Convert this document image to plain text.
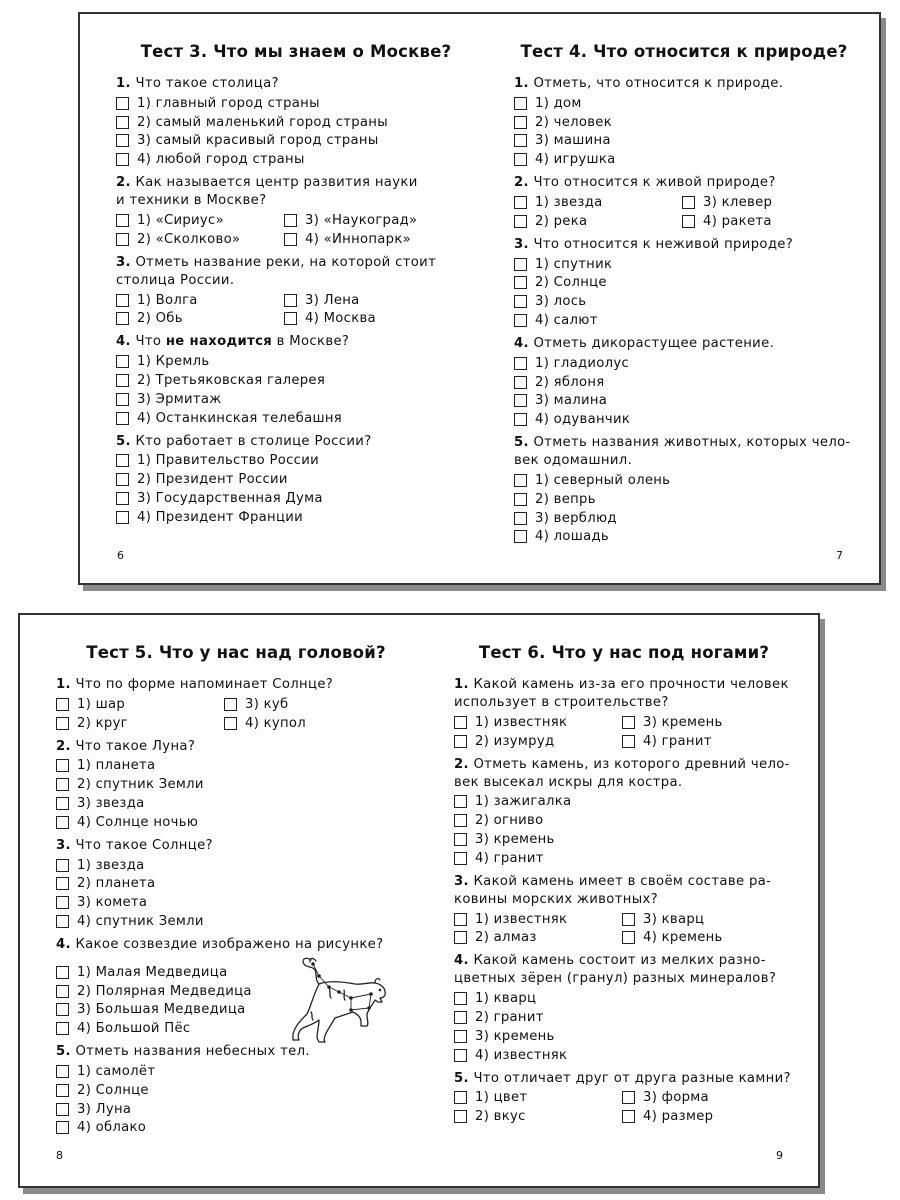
Тест 3. Что мы знаем о Москве?
1. Что такое столица?
1) главный город страны
2) самый маленький город страны
3) самый красивый город страны
4) любой город страны
2. Как называется центр развития науки
и техники в Москве?
1) «Сириус»	3) «Наукоград»
2) «Сколково»	4) «Иннопарк»
3. Отметь название реки, на которой стоит
столица России.
1) Волга	3) Лена
2) Обь	4) Москва
4. Что не находится в Москве?
1) Кремль
2) Третьяковская галерея
3) Эрмитаж
4) Останкинская телебашня
5. Кто работает в столице России?
1) Правительство России
2) Президент России
3) Государственная Дума
4) Президент Франции
6
Тест 4. Что относится к природе?
1. Отметь, что относится к природе.
1) дом
2) человек
3) машина
4) игрушка
2. Что относится к живой природе?
1) звезда	3) клевер
2) река	4) ракета
3. Что относится к неживой природе?
1) спутник
2) Солнце
3) лось
4) салют
4. Отметь дикорастущее растение.
1) гладиолус
2) яблоня
3) малина
4) одуванчик
5. Отметь названия животных, которых чело-
век одомашнил.
1) северный олень
2) вепрь
3) верблюд
4) лошадь
7
Тест 5. Что у нас над головой?
1. Что по форме напоминает Солнце?
1) шар	3) куб
2) круг	4) купол
2. Что такое Луна?
1) планета
2) спутник Земли
3) звезда
4) Солнце ночью
3. Что такое Солнце?
1) звезда
2) планета
3) комета
4) спутник Земли
4. Какое созвездие изображено на рисунке?
1) Малая Медведица
2) Полярная Медведица
3) Большая Медведица
4) Большой Пёс
5. Отметь названия небесных тел.
1) самолёт
2) Солнце
3) Луна
4) облако
8
Тест 6. Что у нас под ногами?
1. Какой камень из-за его прочности человек
использует в строительстве?
1) известняк	3) кремень
2) изумруд	4) гранит
2. Отметь камень, из которого древний чело-
век высекал искры для костра.
1) зажигалка
2) огниво
3) кремень
4) гранит
3. Какой камень имеет в своём составе ра-
ковины морских животных?
1) известняк	3) кварц
2) алмаз	4) кремень
4. Какой камень состоит из мелких разно-
цветных зёрен (гранул) разных минералов?
1) кварц
2) гранит
3) кремень
4) известняк
5. Что отличает друг от друга разные камни?
1) цвет	3) форма
2) вкус	4) размер
9
